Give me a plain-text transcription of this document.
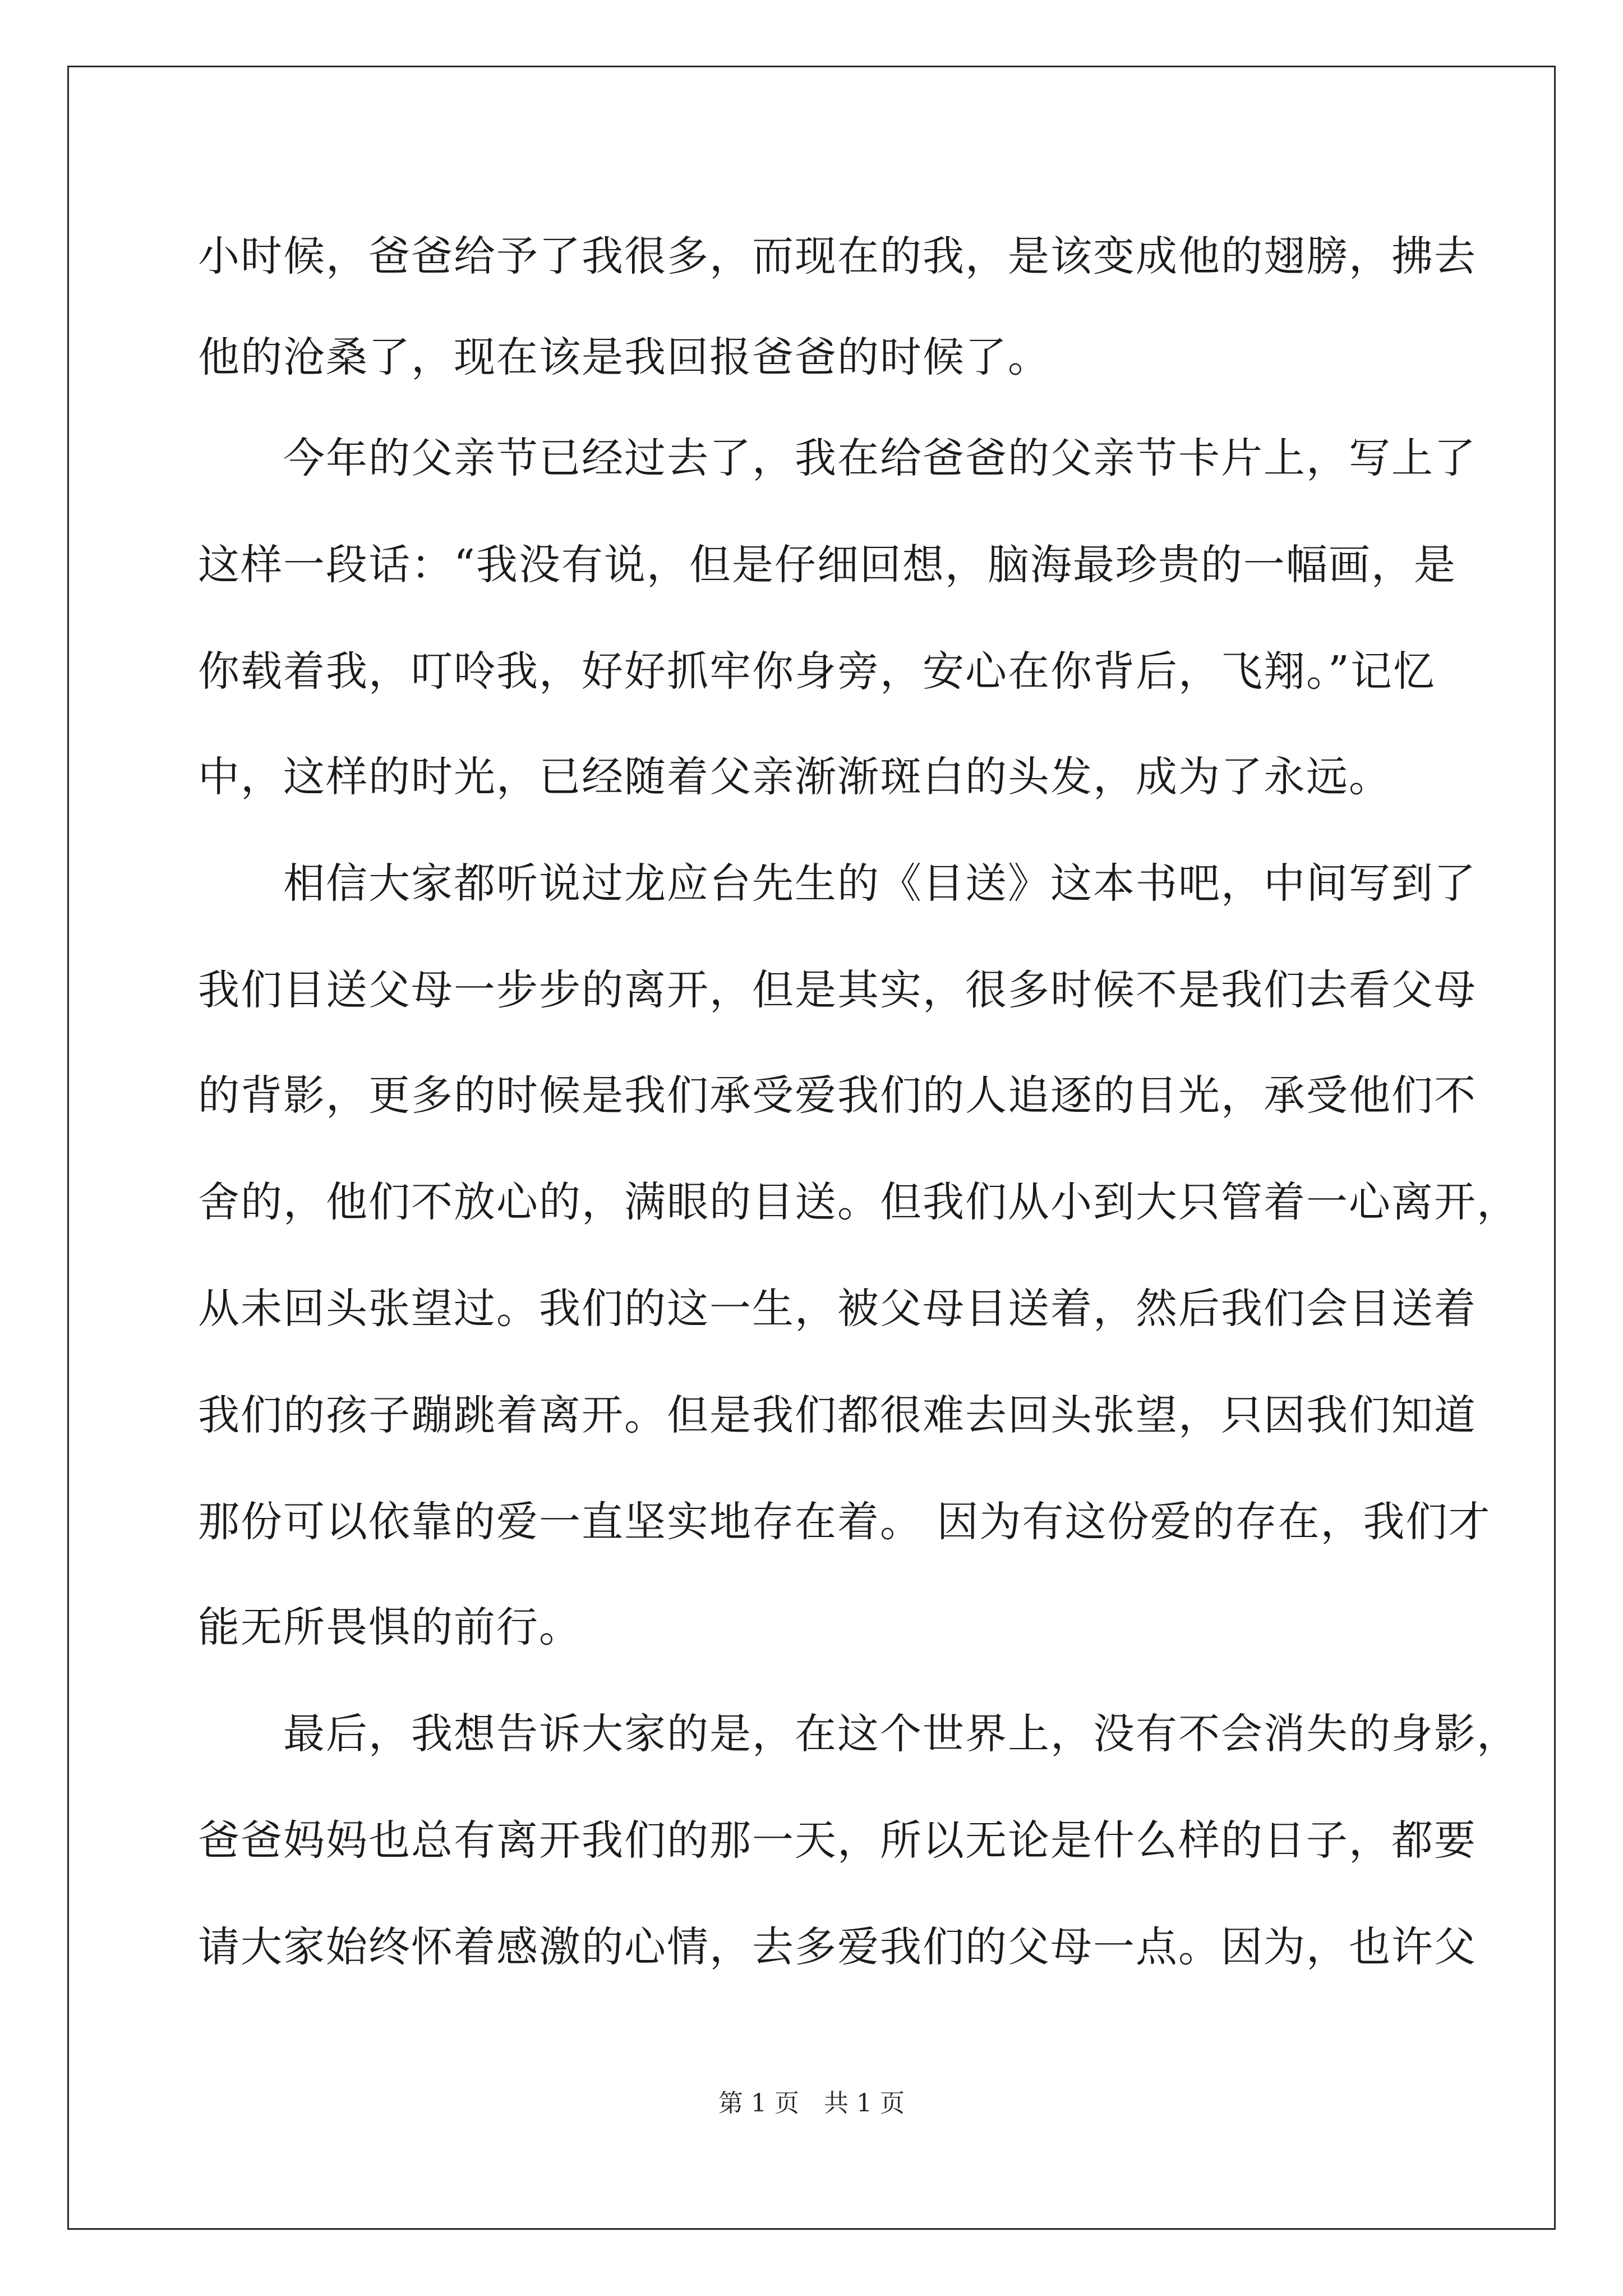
小时候，爸爸给予了我很多，而现在的我，是该变成他的翅膀，拂去
他的沧桑了，现在该是我回报爸爸的时候了。
　　今年的父亲节已经过去了，我在给爸爸的父亲节卡片上，写上了
这样一段话：“我没有说，但是仔细回想，脑海最珍贵的一幅画，是
你载着我，叮呤我，好好抓牢你身旁，安心在你背后，飞翔。”记忆
中，这样的时光，已经随着父亲渐渐斑白的头发，成为了永远。
　　相信大家都听说过龙应台先生的《目送》这本书吧，中间写到了
我们目送父母一步步的离开，但是其实，很多时候不是我们去看父母
的背影，更多的时候是我们承受爱我们的人追逐的目光，承受他们不
舍的，他们不放心的，满眼的目送。但我们从小到大只管着一心离开，
从未回头张望过。我们的这一生，被父母目送着，然后我们会目送着
我们的孩子蹦跳着离开。但是我们都很难去回头张望，只因我们知道
那份可以依靠的爱一直坚实地存在着。 因为有这份爱的存在，我们才
能无所畏惧的前行。
　　最后，我想告诉大家的是，在这个世界上，没有不会消失的身影，
爸爸妈妈也总有离开我们的那一天，所以无论是什么样的日子，都要
请大家始终怀着感激的心情，去多爱我们的父母一点。因为，也许父
第 1 页　共 1 页
